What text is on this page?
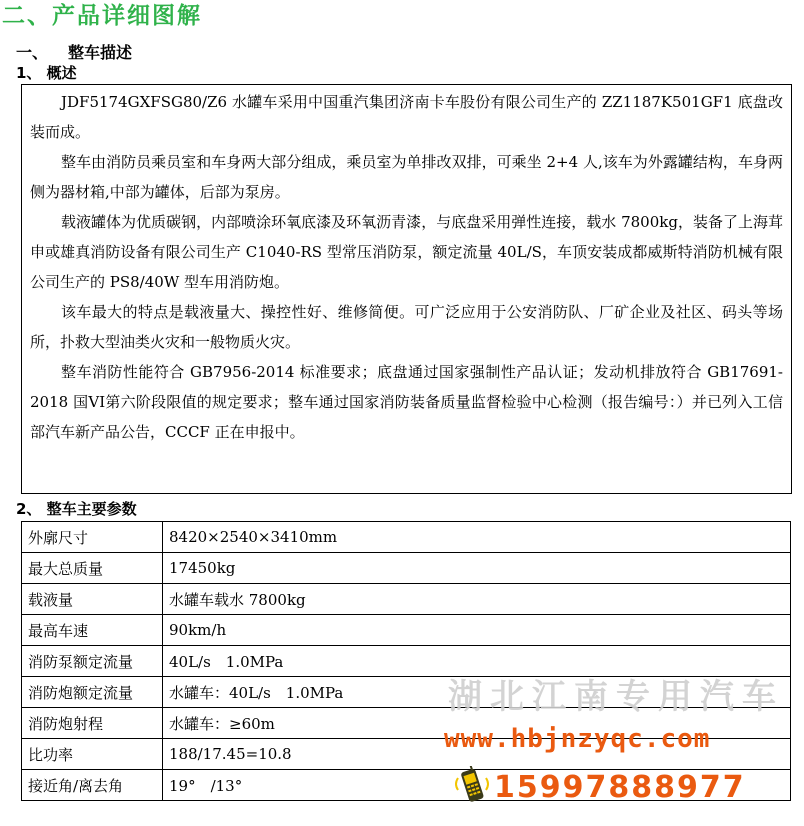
二、产品详细图解
一、 整车描述
1、 概述

JDF5174GXFSG80/Z6 水罐车采用中国重汽集团济南卡车股份有限公司生产的 ZZ1187K501GF1 底盘改装而成。

整车由消防员乘员室和车身两大部分组成，乘员室为单排改双排，可乘坐 2+4 人,该车为外露罐结构，车身两侧为器材箱,中部为罐体，后部为泵房。

载液罐体为优质碳钢，内部喷涂环氧底漆及环氧沥青漆，与底盘采用弹性连接，载水 7800kg，装备了上海茸申或雄真消防设备有限公司生产 C1040-RS 型常压消防泵，额定流量 40L/S，车顶安装成都威斯特消防机械有限公司生产的 PS8/40W 型车用消防炮。

该车最大的特点是载液量大、操控性好、维修简便。可广泛应用于公安消防队、厂矿企业及社区、码头等场所，扑救大型油类火灾和一般物质火灾。

整车消防性能符合 GB7956-2014 标准要求；底盘通过国家强制性产品认证；发动机排放符合 GB17691-2018 国VI第六阶段限值的规定要求；整车通过国家消防装备质量监督检验中心检测（报告编号：）并已列入工信部汽车新产品公告，CCCF 正在申报中。

2、 整车主要参数
外廓尺寸	8420×2540×3410mm
最大总质量	17450kg
载液量	水罐车载水 7800kg
最高车速	90km/h
消防泵额定流量	40L/s　1.0MPa
消防炮额定流量	水罐车：40L/s　1.0MPa
消防炮射程	水罐车：≥60m
比功率	188/17.45=10.8
接近角/离去角	19°　/13°
湖北江南专用汽车
www.hbjnzyqc.com
15997888977
